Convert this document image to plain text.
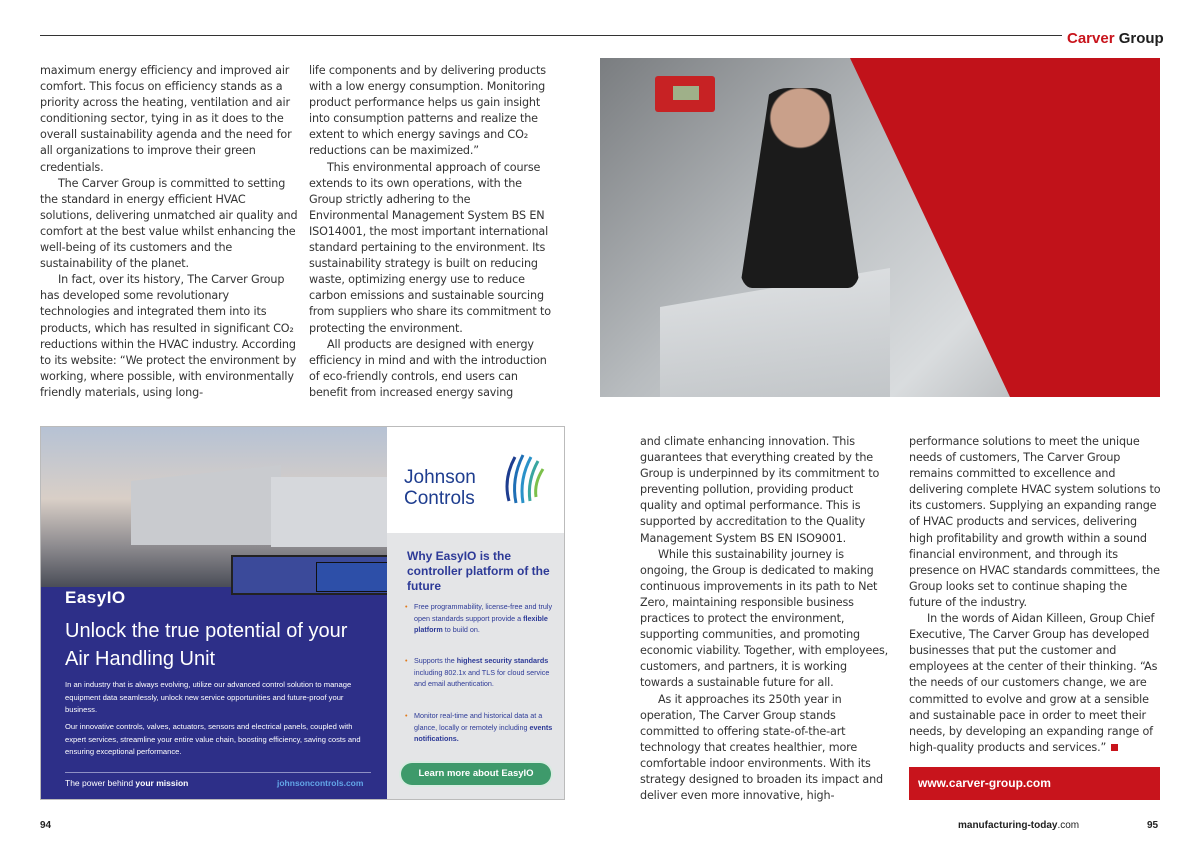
Carver Group

maximum energy efficiency and improved air comfort. This focus on efficiency stands as a priority across the heating, ventilation and air conditioning sector, tying in as it does to the overall sustainability agenda and the need for all organizations to improve their green credentials.

The Carver Group is committed to setting the standard in energy efficient HVAC solutions, delivering unmatched air quality and comfort at the best value whilst enhancing the well-being of its customers and the sustainability of the planet.

In fact, over its history, The Carver Group has developed some revolutionary technologies and integrated them into its products, which has resulted in significant CO₂ reductions within the HVAC industry. According to its website: “We protect the environment by working, where possible, with environmentally friendly materials, using long-

life components and by delivering products with a low energy consumption. Monitoring product performance helps us gain insight into consumption patterns and realize the extent to which energy savings and CO₂ reductions can be maximized.”

This environmental approach of course extends to its own operations, with the Group strictly adhering to the Environmental Management System BS EN ISO14001, the most important international standard pertaining to the environment. Its sustainability strategy is built on reducing waste, optimizing energy use to reduce carbon emissions and sustainable sourcing from suppliers who share its commitment to protecting the environment.

All products are designed with energy efficiency in mind and with the introduction of eco-friendly controls, end users can benefit from increased energy saving

EasyIO
Unlock the true potential of your Air Handling Unit
In an industry that is always evolving, utilize our advanced control solution to manage equipment data seamlessly, unlock new service opportunities and future-proof your business.
Our innovative controls, valves, actuators, sensors and electrical panels, coupled with expert services, streamline your entire value chain, boosting efficiency, saving costs and ensuring exceptional performance.
The power behind your mission	johnsoncontrols.com
Johnson
Controls
Why EasyIO is the controller platform of the future
• Free programmability, license-free and truly open standards support provide a flexible platform to build on.
• Supports the highest security standards including 802.1x and TLS for cloud service and email authentication.
• Monitor real-time and historical data at a glance, locally or remotely including events notifications.
Learn more about EasyIO

and climate enhancing innovation. This guarantees that everything created by the Group is underpinned by its commitment to preventing pollution, providing product quality and optimal performance. This is supported by accreditation to the Quality Management System BS EN ISO9001.

While this sustainability journey is ongoing, the Group is dedicated to making continuous improvements in its path to Net Zero, maintaining responsible business practices to protect the environment, supporting communities, and promoting economic viability. Together, with employees, customers, and partners, it is working towards a sustainable future for all.

As it approaches its 250th year in operation, The Carver Group stands committed to offering state-of-the-art technology that creates healthier, more comfortable indoor environments. With its strategy designed to broaden its impact and deliver even more innovative, high-

performance solutions to meet the unique needs of customers, The Carver Group remains committed to excellence and delivering complete HVAC system solutions to its customers. Supplying an expanding range of HVAC products and services, delivering high profitability and growth within a sound financial environment, and through its presence on HVAC standards committees, the Group looks set to continue shaping the future of the industry.

In the words of Aidan Killeen, Group Chief Executive, The Carver Group has developed businesses that put the customer and employees at the center of their thinking. “As the needs of our customers change, we are committed to evolve and grow at a sensible and sustainable pace in order to meet their needs, by developing an expanding range of high-quality products and services.”

www.carver-group.com
94	manufacturing-today.com	95
